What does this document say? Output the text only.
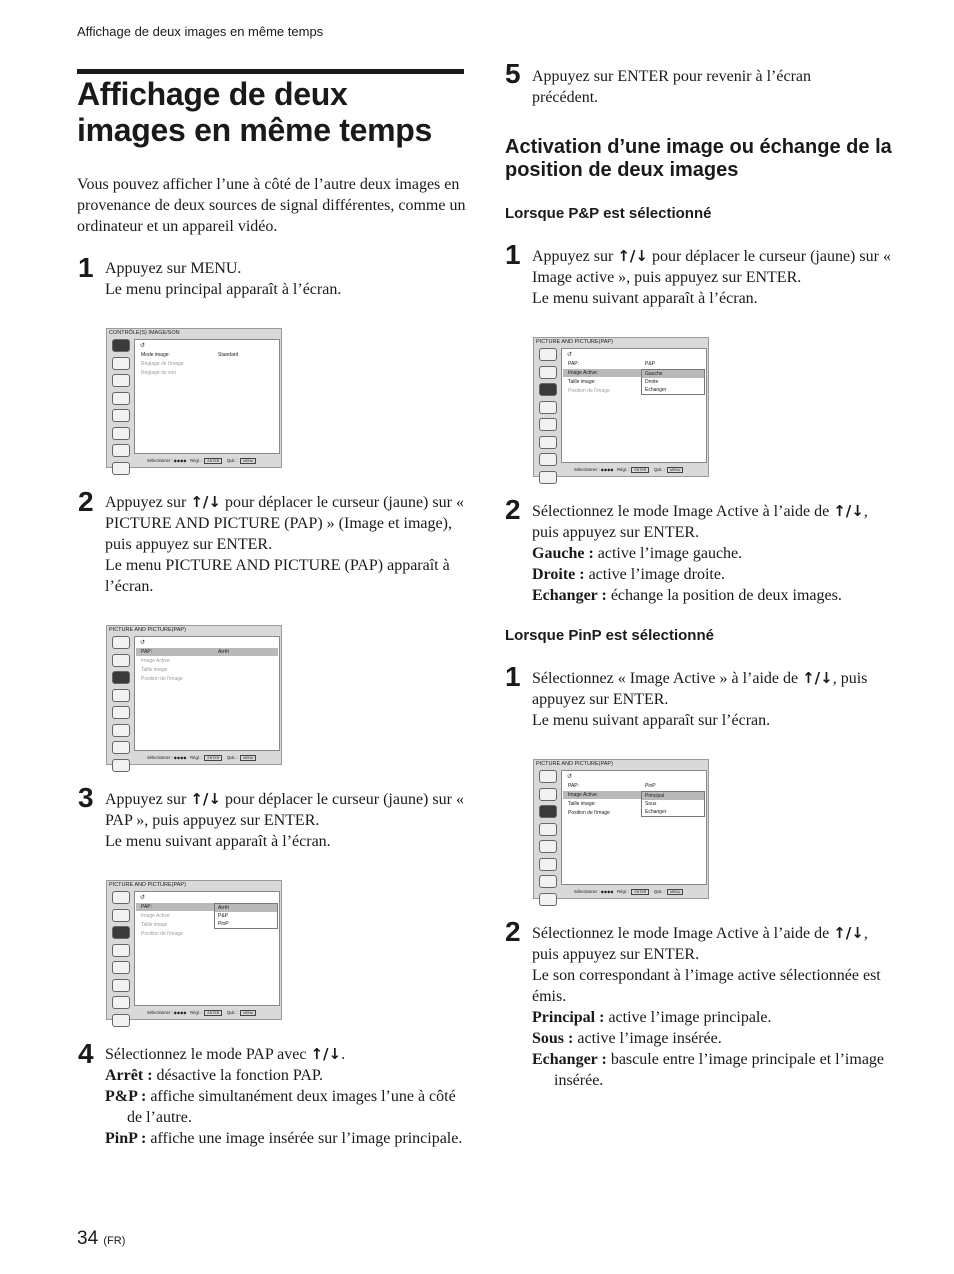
Affichage de deux images en même temps
Affichage de deux
images en même temps
Vous pouvez afficher l’une à côté de l’autre deux images en provenance de deux sources de signal différentes, comme un ordinateur et un appareil vidéo.
1 Appuyez sur MENU.
Le menu principal apparaît à l’écran.
CONTRÔLE(S) IMAGE/SON
↺
Mode image:	Standard
Réglage de l'image
Réglage du son
Sélectionner : ◆◆◆◆   Régl. : ENTER Quit. : MENU
2 Appuyez sur ↑/↓ pour déplacer le curseur (jaune) sur « PICTURE AND PICTURE (PAP) » (Image et image), puis appuyez sur ENTER.
Le menu PICTURE AND PICTURE (PAP) apparaît à l’écran.
PICTURE AND PICTURE(PAP)
↺
PAP:	Arrêt
Image Active
Taille image
Position de l'image
Sélectionner : ◆◆◆◆   Régl. : ENTER Quit. : MENU
3 Appuyez sur ↑/↓ pour déplacer le curseur (jaune) sur « PAP », puis appuyez sur ENTER.
Le menu suivant apparaît à l’écran.
PICTURE AND PICTURE(PAP)
↺
PAP:
Image Active
Taille image
Position de l'image
Arrêt
P&P
PinP
Sélectionner : ◆◆◆◆   Régl. : ENTER Quit. : MENU
4 Sélectionnez le mode PAP avec ↑/↓.
Arrêt : désactive la fonction PAP.
P&P : affiche simultanément deux images l’une à côté de l’autre.
PinP : affiche une image insérée sur l’image principale.
34 (FR)
5 Appuyez sur ENTER pour revenir à l’écran précédent.
Activation d’une image ou échange de la position de deux images
Lorsque P&P est sélectionné
1 Appuyez sur ↑/↓ pour déplacer le curseur (jaune) sur « Image active », puis appuyez sur ENTER.
Le menu suivant apparaît à l’écran.
PICTURE AND PICTURE(PAP)
↺
PAP:	P&P
Image Active:
Taille image:
Position de l'image
Gauche
Droite
Echanger
Sélectionner : ◆◆◆◆   Régl. : ENTER Quit. : MENU
2 Sélectionnez le mode Image Active à l’aide de ↑/↓, puis appuyez sur ENTER.
Gauche : active l’image gauche.
Droite : active l’image droite.
Echanger : échange la position de deux images.
Lorsque PinP est sélectionné
1 Sélectionnez « Image Active » à l’aide de ↑/↓, puis appuyez sur ENTER.
Le menu suivant apparaît sur l’écran.
PICTURE AND PICTURE(PAP)
↺
PAP:	PinP
Image Active:
Taille image:
Position de l'image
Principal
Sous
Echanger
Sélectionner : ◆◆◆◆   Régl. : ENTER Quit. : MENU
2 Sélectionnez le mode Image Active à l’aide de ↑/↓, puis appuyez sur ENTER.
Le son correspondant à l’image active sélectionnée est émis.
Principal : active l’image principale.
Sous : active l’image insérée.
Echanger : bascule entre l’image principale et l’image insérée.
